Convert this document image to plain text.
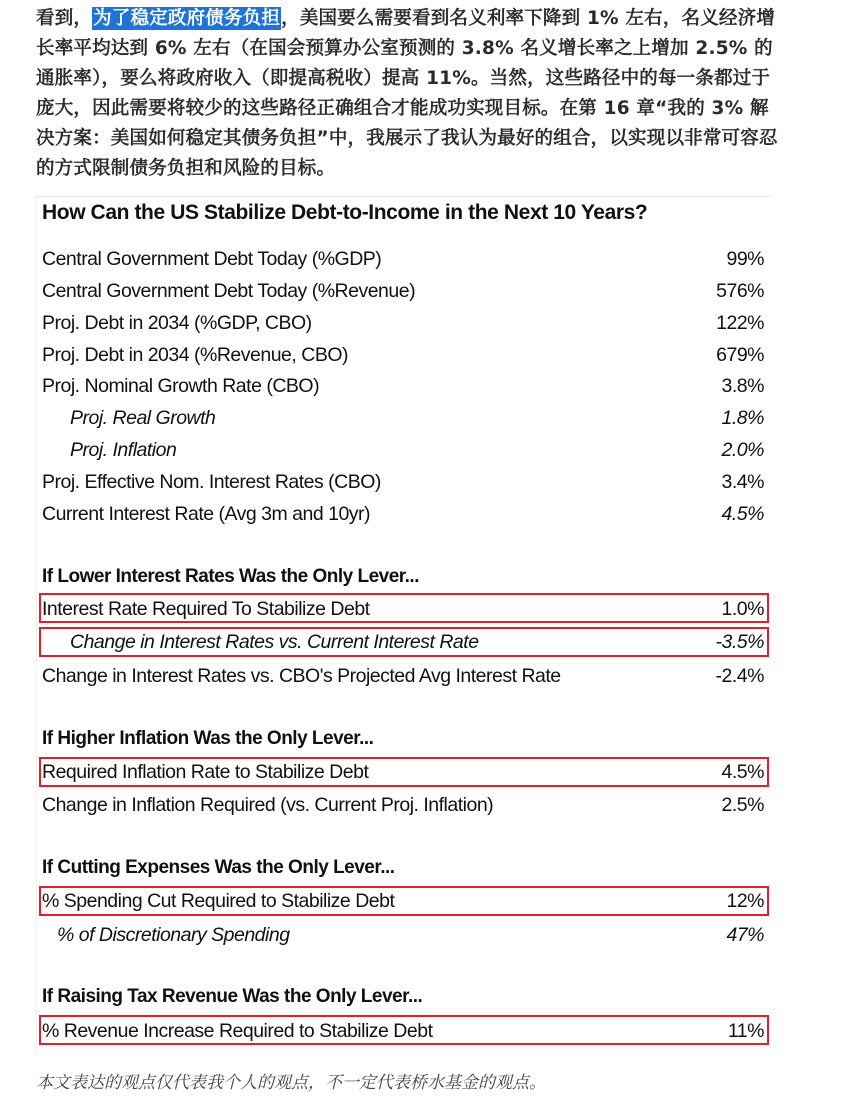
看到，为了稳定政府债务负担，美国要么需要看到名义利率下降到 1% 左右，名义经济增长率平均达到 6% 左右（在国会预算办公室预测的 3.8% 名义增长率之上增加 2.5% 的通胀率），要么将政府收入（即提高税收）提高 11%。当然，这些路径中的每一条都过于庞大，因此需要将较少的这些路径正确组合才能成功实现目标。在第 16 章“我的 3% 解决方案：美国如何稳定其债务负担”中，我展示了我认为最好的组合，以实现以非常可容忍的方式限制债务负担和风险的目标。
How Can the US Stabilize Debt-to-Income in the Next 10 Years?
Central Government Debt Today (%GDP)	99%
Central Government Debt Today (%Revenue)	576%
Proj. Debt in 2034 (%GDP, CBO)	122%
Proj. Debt in 2034 (%Revenue, CBO)	679%
Proj. Nominal Growth Rate (CBO)	3.8%
Proj. Real Growth	1.8%
Proj. Inflation	2.0%
Proj. Effective Nom. Interest Rates (CBO)	3.4%
Current Interest Rate (Avg 3m and 10yr)	4.5%
If Lower Interest Rates Was the Only Lever...
Interest Rate Required To Stabilize Debt	1.0%
Change in Interest Rates vs. Current Interest Rate	-3.5%
Change in Interest Rates vs. CBO's Projected Avg Interest Rate	-2.4%
If Higher Inflation Was the Only Lever...
Required Inflation Rate to Stabilize Debt	4.5%
Change in Inflation Required (vs. Current Proj. Inflation)	2.5%
If Cutting Expenses Was the Only Lever...
% Spending Cut Required to Stabilize Debt	12%
% of Discretionary Spending	47%
If Raising Tax Revenue Was the Only Lever...
% Revenue Increase Required to Stabilize Debt	11%
本文表达的观点仅代表我个人的观点，不一定代表桥水基金的观点。
